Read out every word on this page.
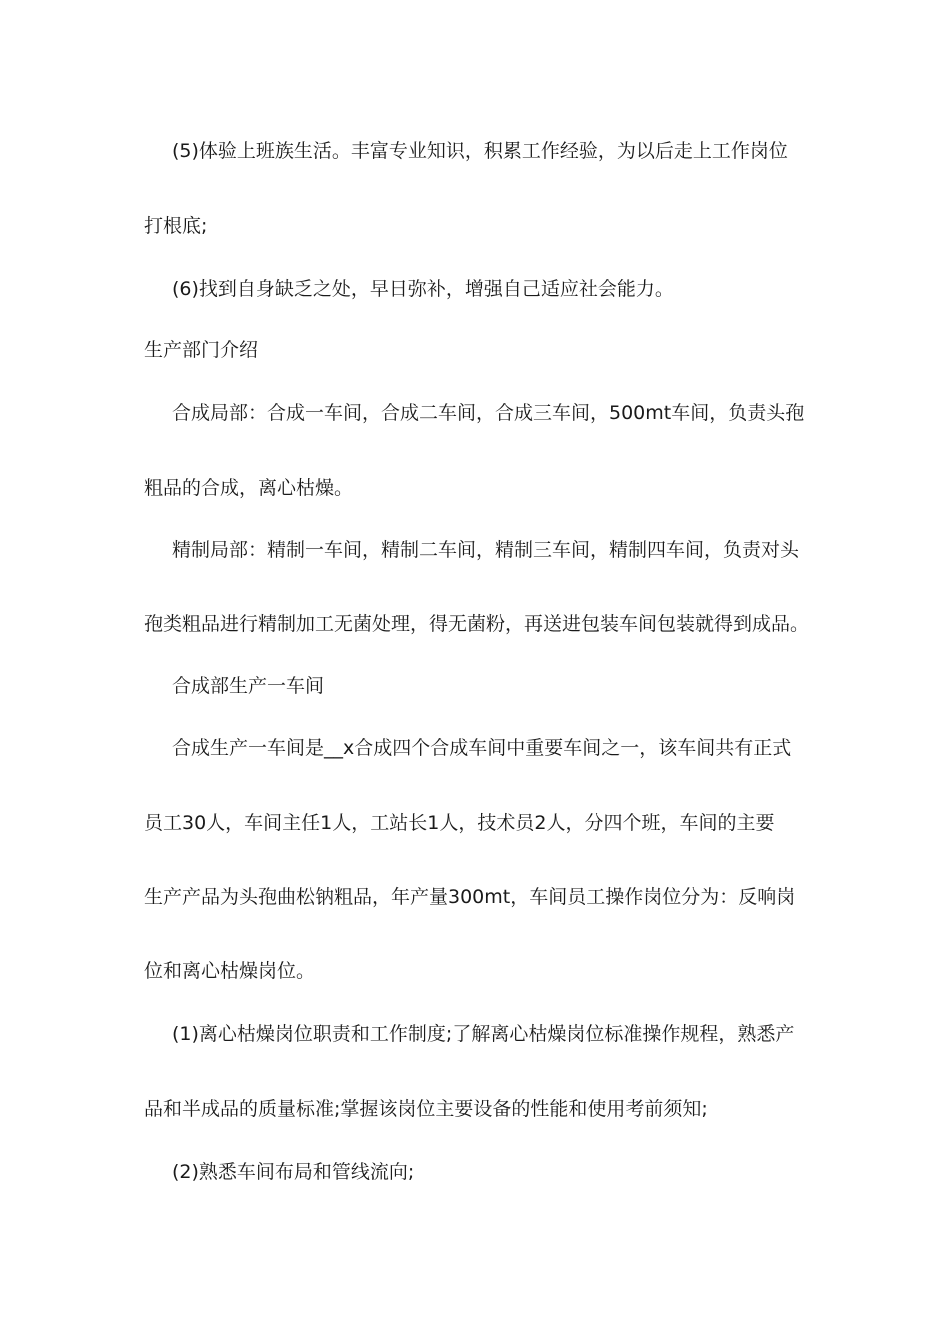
(5)体验上班族生活。丰富专业知识，积累工作经验，为以后走上工作岗位
打根底;
(6)找到自身缺乏之处，早日弥补，增强自己适应社会能力。
生产部门介绍
合成局部：合成一车间，合成二车间，合成三车间，500mt车间，负责头孢
粗品的合成，离心枯燥。
精制局部：精制一车间，精制二车间，精制三车间，精制四车间，负责对头
孢类粗品进行精制加工无菌处理，得无菌粉，再送进包装车间包装就得到成品。
合成部生产一车间
合成生产一车间是__x合成四个合成车间中重要车间之一，该车间共有正式
员工30人，车间主任1人，工站长1人，技术员2人，分四个班，车间的主要
生产产品为头孢曲松钠粗品，年产量300mt，车间员工操作岗位分为：反响岗
位和离心枯燥岗位。
(1)离心枯燥岗位职责和工作制度;了解离心枯燥岗位标准操作规程，熟悉产
品和半成品的质量标准;掌握该岗位主要设备的性能和使用考前须知;
(2)熟悉车间布局和管线流向;
